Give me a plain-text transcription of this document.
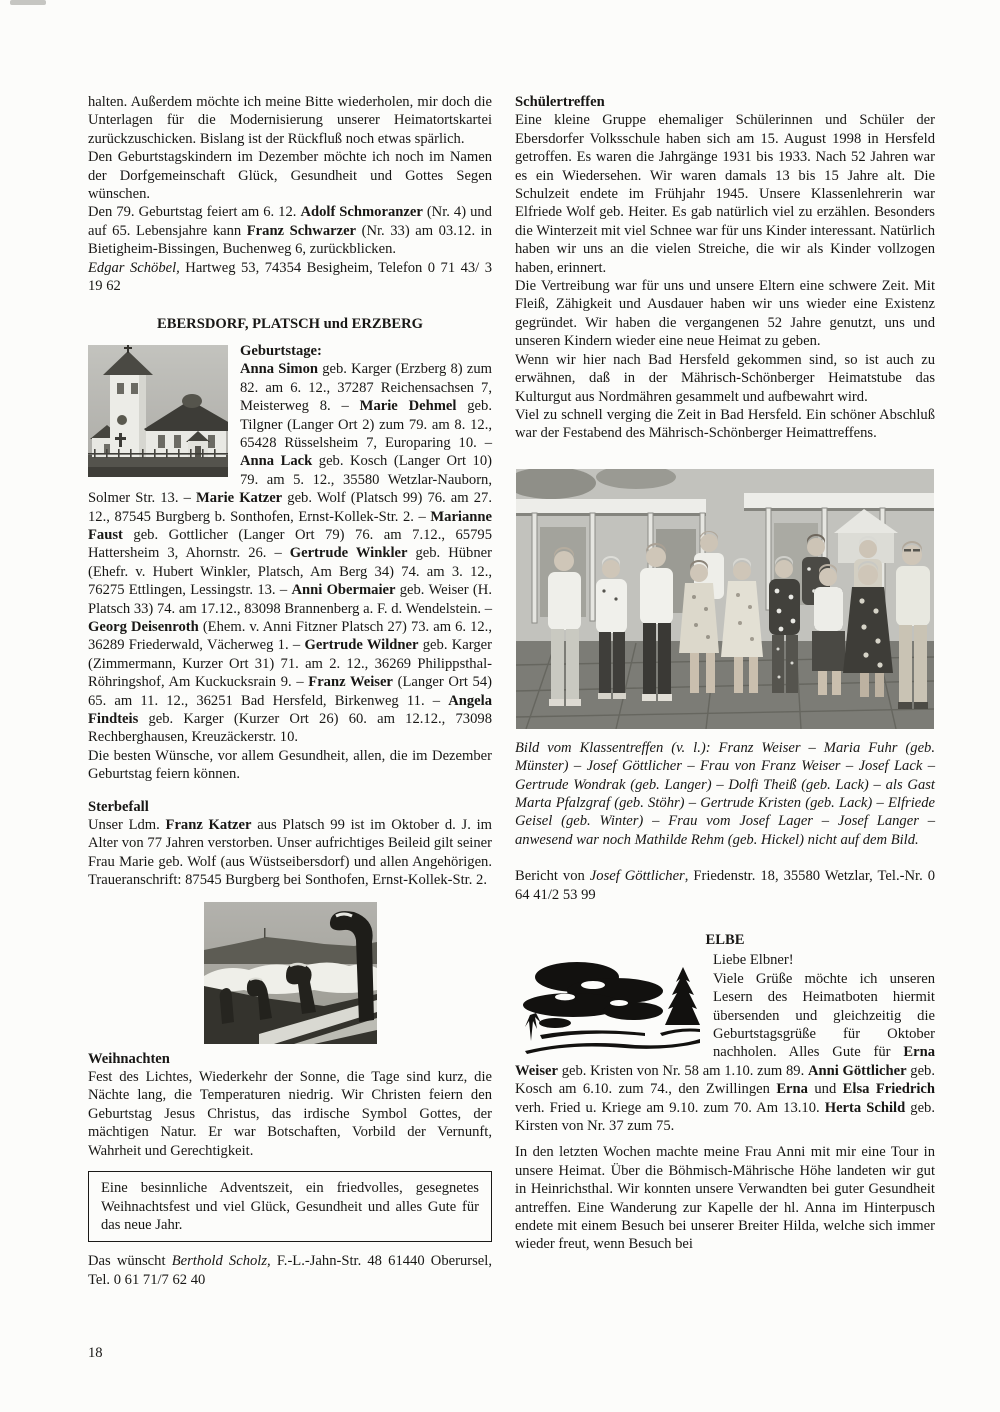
halten. Außerdem möchte ich meine Bitte wiederholen, mir doch die Unterlagen für die Modernisierung unserer Heimatortskartei zurückzuschicken. Bislang ist der Rückfluß noch etwas spärlich.

Den Geburtstagskindern im Dezember möchte ich noch im Namen der Dorfgemeinschaft Glück, Gesundheit und Gottes Segen wünschen.

Den 79. Geburtstag feiert am 6. 12. Adolf Schmoranzer (Nr. 4) und auf 65. Lebensjahre kann Franz Schwarzer (Nr. 33) am 03.12. in Bietigheim-Bissingen, Buchenweg 6, zurückblicken.

Edgar Schöbel, Hartweg 53, 74354 Besigheim, Telefon 0 71 43/ 3 19 62

EBERSDORF, PLATSCH und ERZBERG

Geburtstage:

Anna Simon geb. Karger (Erzberg 8) zum 82. am 6. 12., 37287 Reichensachsen 7, Meisterweg 8. – Marie Dehmel geb. Tilgner (Langer Ort 2) zum 79. am 8. 12., 65428 Rüsselsheim 7, Europaring 10. – Anna Lack geb. Kosch (Langer Ort 10) 79. am 5. 12., 35580 Wetzlar-Nauborn, Solmer Str. 13. – Marie Katzer geb. Wolf (Platsch 99) 76. am 27. 12., 87545 Burgberg b. Sonthofen, Ernst-Kollek-Str. 2. – Marianne Faust geb. Gottlicher (Langer Ort 79) 76. am 7.12., 65795 Hattersheim 3, Ahornstr. 26. – Gertrude Winkler geb. Hübner (Ehefr. v. Hubert Winkler, Platsch, Am Berg 34) 74. am 3. 12., 76275 Ettlingen, Lessingstr. 13. – Anni Obermaier geb. Weiser (H. Platsch 33) 74. am 17.12., 83098 Brannenberg a. F. d. Wendelstein. – Georg Deisenroth (Ehem. v. Anni Fitzner Platsch 27) 73. am 6. 12., 36289 Friederwald, Vächerweg 1. – Gertrude Wildner geb. Karger (Zimmermann, Kurzer Ort 31) 71. am 2. 12., 36269 Philippsthal-Röhringshof, Am Kuckucksrain 9. – Franz Weiser (Langer Ort 54) 65. am 11. 12., 36251 Bad Hersfeld, Birkenweg 11. – Angela Findteis geb. Karger (Kurzer Ort 26) 60. am 12.12., 73098 Rechberghausen, Kreuzäckerstr. 10.

Die besten Wünsche, vor allem Gesundheit, allen, die im Dezember Geburtstag feiern können.

Sterbefall

Unser Ldm. Franz Katzer aus Platsch 99 ist im Oktober d. J. im Alter von 77 Jahren verstorben. Unser aufrichtiges Beileid gilt seiner Frau Marie geb. Wolf (aus Wüstseibersdorf) und allen Angehörigen. Traueranschrift: 87545 Burgberg bei Sonthofen, Ernst-Kollek-Str. 2.

Weihnachten

Fest des Lichtes, Wiederkehr der Sonne, die Tage sind kurz, die Nächte lang, die Temperaturen niedrig. Wir Christen feiern den Geburtstag Jesus Christus, das irdische Symbol Gottes, der mächtigen Natur. Er war Botschaften, Vorbild der Vernunft, Wahrheit und Gerechtigkeit.

Eine besinnliche Adventszeit, ein friedvolles, gesegnetes Weihnachtsfest und viel Glück, Gesundheit und alles Gute für das neue Jahr.

Das wünscht Berthold Scholz, F.-L.-Jahn-Str. 48 61440 Oberursel, Tel. 0 61 71/7 62 40

Schülertreffen

Eine kleine Gruppe ehemaliger Schülerinnen und Schüler der Ebersdorfer Volksschule haben sich am 15. August 1998 in Hersfeld getroffen. Es waren die Jahrgänge 1931 bis 1933. Nach 52 Jahren war es ein Wiedersehen. Wir waren damals 13 bis 15 Jahre alt. Die Schulzeit endete im Frühjahr 1945. Unsere Klassenlehrerin war Elfriede Wolf geb. Heiter. Es gab natürlich viel zu erzählen. Besonders die Winterzeit mit viel Schnee war für uns Kinder interessant. Natürlich haben wir uns an die vielen Streiche, die wir als Kinder vollzogen haben, erinnert.

Die Vertreibung war für uns und unsere Eltern eine schwere Zeit. Mit Fleiß, Zähigkeit und Ausdauer haben wir uns wieder eine Existenz gegründet. Wir haben die vergangenen 52 Jahre genutzt, uns und unseren Kindern wieder eine neue Heimat zu geben.

Wenn wir hier nach Bad Hersfeld gekommen sind, so ist auch zu erwähnen, daß in der Mährisch-Schönberger Heimatstube das Kulturgut aus Nordmähren gesammelt und aufbewahrt wird.

Viel zu schnell verging die Zeit in Bad Hersfeld. Ein schöner Abschluß war der Festabend des Mährisch-Schönberger Heimattreffens.

Bild vom Klassentreffen (v. l.): Franz Weiser – Maria Fuhr (geb. Münster) – Josef Göttlicher – Frau von Franz Weiser – Josef Lack – Gertrude Wondrak (geb. Langer) – Dolfi Theiß (geb. Lack) – als Gast Marta Pfalzgraf (geb. Stöhr) – Gertrude Kristen (geb. Lack) – Elfriede Geisel (geb. Winter) – Frau vom Josef Lager – Josef Langer –anwesend war noch Mathilde Rehm (geb. Hickel) nicht auf dem Bild.

Bericht von Josef Göttlicher, Friedenstr. 18, 35580 Wetzlar, Tel.-Nr. 0 64 41/2 53 99

ELBE

Liebe Elbner!

Viele Grüße möchte ich unseren Lesern des Heimatboten hiermit übersenden und gleichzeitig die Geburtstagsgrüße für Oktober nachholen. Alles Gute für Erna Weiser geb. Kristen von Nr. 58 am 1.10. zum 89. Anni Göttlicher geb. Kosch am 6.10. zum 74., den Zwillingen Erna und Elsa Friedrich verh. Fried u. Kriege am 9.10. zum 70. Am 13.10. Herta Schild geb. Kirsten von Nr. 37 zum 75.

In den letzten Wochen machte meine Frau Anni mit mir eine Tour in unsere Heimat. Über die Böhmisch-Mährische Höhe landeten wir gut in Heinrichsthal. Wir konnten unsere Verwandten bei guter Gesundheit antreffen. Eine Wanderung zur Kapelle der hl. Anna im Hinterpusch endete mit einem Besuch bei unserer Breiter Hilda, welche sich immer wieder freut, wenn Besuch bei

18
